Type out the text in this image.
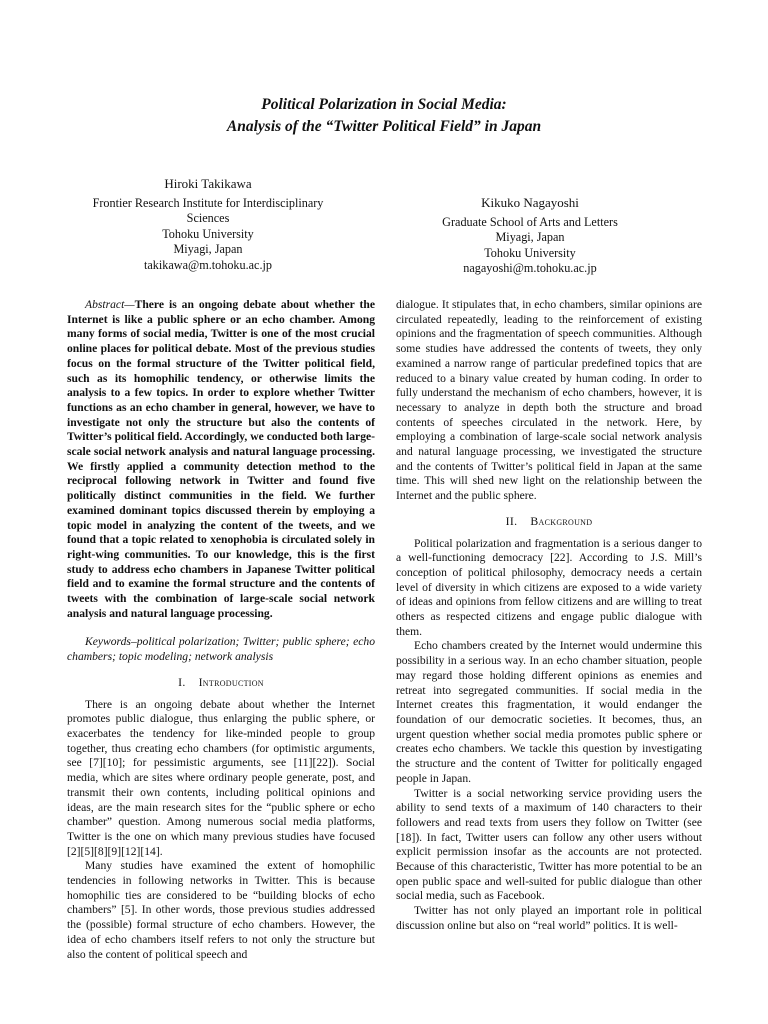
Political Polarization in Social Media:
Analysis of the “Twitter Political Field” in Japan
Hiroki Takikawa
Frontier Research Institute for Interdisciplinary
Sciences
Tohoku University
Miyagi, Japan
takikawa@m.tohoku.ac.jp
Kikuko Nagayoshi
Graduate School of Arts and Letters
Miyagi, Japan
Tohoku University
nagayoshi@m.tohoku.ac.jp

Abstract—There is an ongoing debate about whether the Internet is like a public sphere or an echo chamber. Among many forms of social media, Twitter is one of the most crucial online places for political debate. Most of the previous studies focus on the formal structure of the Twitter political field, such as its homophilic tendency, or otherwise limits the analysis to a few topics. In order to explore whether Twitter functions as an echo chamber in general, however, we have to investigate not only the structure but also the contents of Twitter’s political field. Accordingly, we conducted both large-scale social network analysis and natural language processing. We firstly applied a community detection method to the reciprocal following network in Twitter and found five politically distinct communities in the field. We further examined dominant topics discussed therein by employing a topic model in analyzing the content of the tweets, and we found that a topic related to xenophobia is circulated solely in right-wing communities. To our knowledge, this is the first study to address echo chambers in Japanese Twitter political field and to examine the formal structure and the contents of tweets with the combination of large-scale social network analysis and natural language processing.

Keywords–political polarization; Twitter; public sphere; echo chambers; topic modeling; network analysis

I. Introduction

There is an ongoing debate about whether the Internet promotes public dialogue, thus enlarging the public sphere, or exacerbates the tendency for like-minded people to group together, thus creating echo chambers (for optimistic arguments, see [7][10]; for pessimistic arguments, see [11][22]). Social media, which are sites where ordinary people generate, post, and transmit their own contents, including political opinions and ideas, are the main research sites for the “public sphere or echo chamber” question. Among numerous social media platforms, Twitter is the one on which many previous studies have focused [2][5][8][9][12][14].

Many studies have examined the extent of homophilic tendencies in following networks in Twitter. This is because homophilic ties are considered to be “building blocks of echo chambers” [5]. In other words, those previous studies addressed the (possible) formal structure of echo chambers. However, the idea of echo chambers itself refers to not only the structure but also the content of political speech and

dialogue. It stipulates that, in echo chambers, similar opinions are circulated repeatedly, leading to the reinforcement of existing opinions and the fragmentation of speech communities. Although some studies have addressed the contents of tweets, they only examined a narrow range of particular predefined topics that are reduced to a binary value created by human coding. In order to fully understand the mechanism of echo chambers, however, it is necessary to analyze in depth both the structure and broad contents of speeches circulated in the network. Here, by employing a combination of large-scale social network analysis and natural language processing, we investigated the structure and the contents of Twitter’s political field in Japan at the same time. This will shed new light on the relationship between the Internet and the public sphere.

II. Background

Political polarization and fragmentation is a serious danger to a well-functioning democracy [22]. According to J.S. Mill’s conception of political philosophy, democracy needs a certain level of diversity in which citizens are exposed to a wide variety of ideas and opinions from fellow citizens and are willing to treat others as respected citizens and engage public dialogue with them.

Echo chambers created by the Internet would undermine this possibility in a serious way. In an echo chamber situation, people may regard those holding different opinions as enemies and retreat into segregated communities. If social media in the Internet creates this fragmentation, it would endanger the foundation of our democratic societies. It becomes, thus, an urgent question whether social media promotes public sphere or creates echo chambers. We tackle this question by investigating the structure and the content of Twitter for politically engaged people in Japan.

Twitter is a social networking service providing users the ability to send texts of a maximum of 140 characters to their followers and read texts from users they follow on Twitter (see [18]). In fact, Twitter users can follow any other users without explicit permission insofar as the accounts are not protected. Because of this characteristic, Twitter has more potential to be an open public space and well-suited for public dialogue than other social media, such as Facebook.

Twitter has not only played an important role in political discussion online but also on “real world” politics. It is well-
